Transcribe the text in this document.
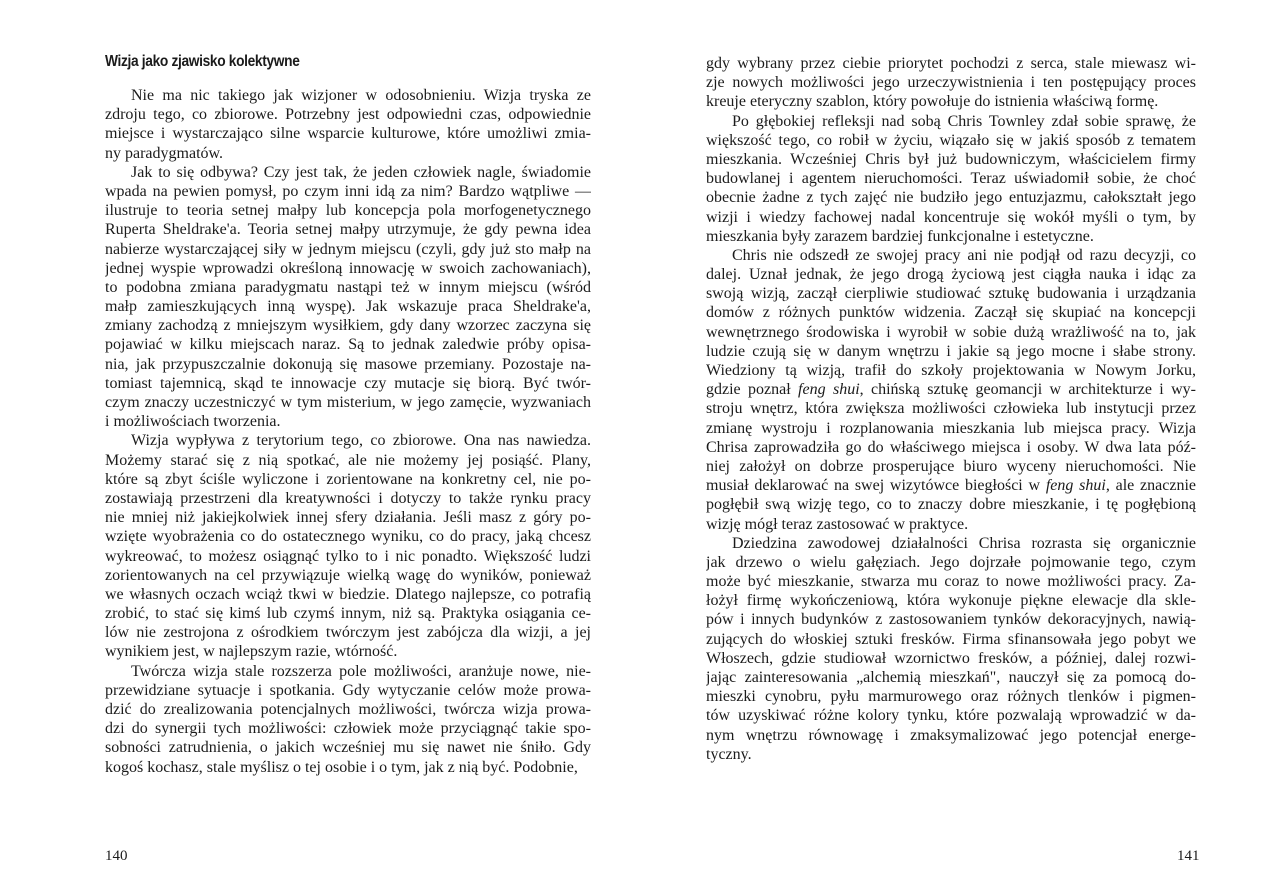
Wizja jako zjawisko kolektywne
Nie ma nic takiego jak wizjoner w odosobnieniu. Wizja tryska ze
zdroju tego, co zbiorowe. Potrzebny jest odpowiedni czas, odpowiednie
miejsce i wystarczająco silne wsparcie kulturowe, które umożliwi zmia-
ny paradygmatów.
Jak to się odbywa? Czy jest tak, że jeden człowiek nagle, świadomie
wpada na pewien pomysł, po czym inni idą za nim? Bardzo wątpliwe —
ilustruje to teoria setnej małpy lub koncepcja pola morfogenetycznego
Ruperta Sheldrake'a. Teoria setnej małpy utrzymuje, że gdy pewna idea
nabierze wystarczającej siły w jednym miejscu (czyli, gdy już sto małp na
jednej wyspie wprowadzi określoną innowację w swoich zachowaniach),
to podobna zmiana paradygmatu nastąpi też w innym miejscu (wśród
małp zamieszkujących inną wyspę). Jak wskazuje praca Sheldrake'a,
zmiany zachodzą z mniejszym wysiłkiem, gdy dany wzorzec zaczyna się
pojawiać w kilku miejscach naraz. Są to jednak zaledwie próby opisa-
nia, jak przypuszczalnie dokonują się masowe przemiany. Pozostaje na-
tomiast tajemnicą, skąd te innowacje czy mutacje się biorą. Być twór-
czym znaczy uczestniczyć w tym misterium, w jego zamęcie, wyzwaniach
i możliwościach tworzenia.
Wizja wypływa z terytorium tego, co zbiorowe. Ona nas nawiedza.
Możemy starać się z nią spotkać, ale nie możemy jej posiąść. Plany,
które są zbyt ściśle wyliczone i zorientowane na konkretny cel, nie po-
zostawiają przestrzeni dla kreatywności i dotyczy to także rynku pracy
nie mniej niż jakiejkolwiek innej sfery działania. Jeśli masz z góry po-
wzięte wyobrażenia co do ostatecznego wyniku, co do pracy, jaką chcesz
wykreować, to możesz osiągnąć tylko to i nic ponadto. Większość ludzi
zorientowanych na cel przywiązuje wielką wagę do wyników, ponieważ
we własnych oczach wciąż tkwi w biedzie. Dlatego najlepsze, co potrafią
zrobić, to stać się kimś lub czymś innym, niż są. Praktyka osiągania ce-
lów nie zestrojona z ośrodkiem twórczym jest zabójcza dla wizji, a jej
wynikiem jest, w najlepszym razie, wtórność.
Twórcza wizja stale rozszerza pole możliwości, aranżuje nowe, nie-
przewidziane sytuacje i spotkania. Gdy wytyczanie celów może prowa-
dzić do zrealizowania potencjalnych możliwości, twórcza wizja prowa-
dzi do synergii tych możliwości: człowiek może przyciągnąć takie spo-
sobności zatrudnienia, o jakich wcześniej mu się nawet nie śniło. Gdy
kogoś kochasz, stale myślisz o tej osobie i o tym, jak z nią być. Podobnie,
gdy wybrany przez ciebie priorytet pochodzi z serca, stale miewasz wi-
zje nowych możliwości jego urzeczywistnienia i ten postępujący proces
kreuje eteryczny szablon, który powołuje do istnienia właściwą formę.
Po głębokiej refleksji nad sobą Chris Townley zdał sobie sprawę, że
większość tego, co robił w życiu, wiązało się w jakiś sposób z tematem
mieszkania. Wcześniej Chris był już budowniczym, właścicielem firmy
budowlanej i agentem nieruchomości. Teraz uświadomił sobie, że choć
obecnie żadne z tych zajęć nie budziło jego entuzjazmu, całokształt jego
wizji i wiedzy fachowej nadal koncentruje się wokół myśli o tym, by
mieszkania były zarazem bardziej funkcjonalne i estetyczne.
Chris nie odszedł ze swojej pracy ani nie podjął od razu decyzji, co
dalej. Uznał jednak, że jego drogą życiową jest ciągła nauka i idąc za
swoją wizją, zaczął cierpliwie studiować sztukę budowania i urządzania
domów z różnych punktów widzenia. Zaczął się skupiać na koncepcji
wewnętrznego środowiska i wyrobił w sobie dużą wrażliwość na to, jak
ludzie czują się w danym wnętrzu i jakie są jego mocne i słabe strony.
Wiedziony tą wizją, trafił do szkoły projektowania w Nowym Jorku,
gdzie poznał feng shui, chińską sztukę geomancji w architekturze i wy-
stroju wnętrz, która zwiększa możliwości człowieka lub instytucji przez
zmianę wystroju i rozplanowania mieszkania lub miejsca pracy. Wizja
Chrisa zaprowadziła go do właściwego miejsca i osoby. W dwa lata póź-
niej założył on dobrze prosperujące biuro wyceny nieruchomości. Nie
musiał deklarować na swej wizytówce biegłości w feng shui, ale znacznie
pogłębił swą wizję tego, co to znaczy dobre mieszkanie, i tę pogłębioną
wizję mógł teraz zastosować w praktyce.
Dziedzina zawodowej działalności Chrisa rozrasta się organicznie
jak drzewo o wielu gałęziach. Jego dojrzałe pojmowanie tego, czym
może być mieszkanie, stwarza mu coraz to nowe możliwości pracy. Za-
łożył firmę wykończeniową, która wykonuje piękne elewacje dla skle-
pów i innych budynków z zastosowaniem tynków dekoracyjnych, nawią-
zujących do włoskiej sztuki fresków. Firma sfinansowała jego pobyt we
Włoszech, gdzie studiował wzornictwo fresków, a później, dalej rozwi-
jając zainteresowania „alchemią mieszkań", nauczył się za pomocą do-
mieszki cynobru, pyłu marmurowego oraz różnych tlenków i pigmen-
tów uzyskiwać różne kolory tynku, które pozwalają wprowadzić w da-
nym wnętrzu równowagę i zmaksymalizować jego potencjał energe-
tyczny.
140	141
